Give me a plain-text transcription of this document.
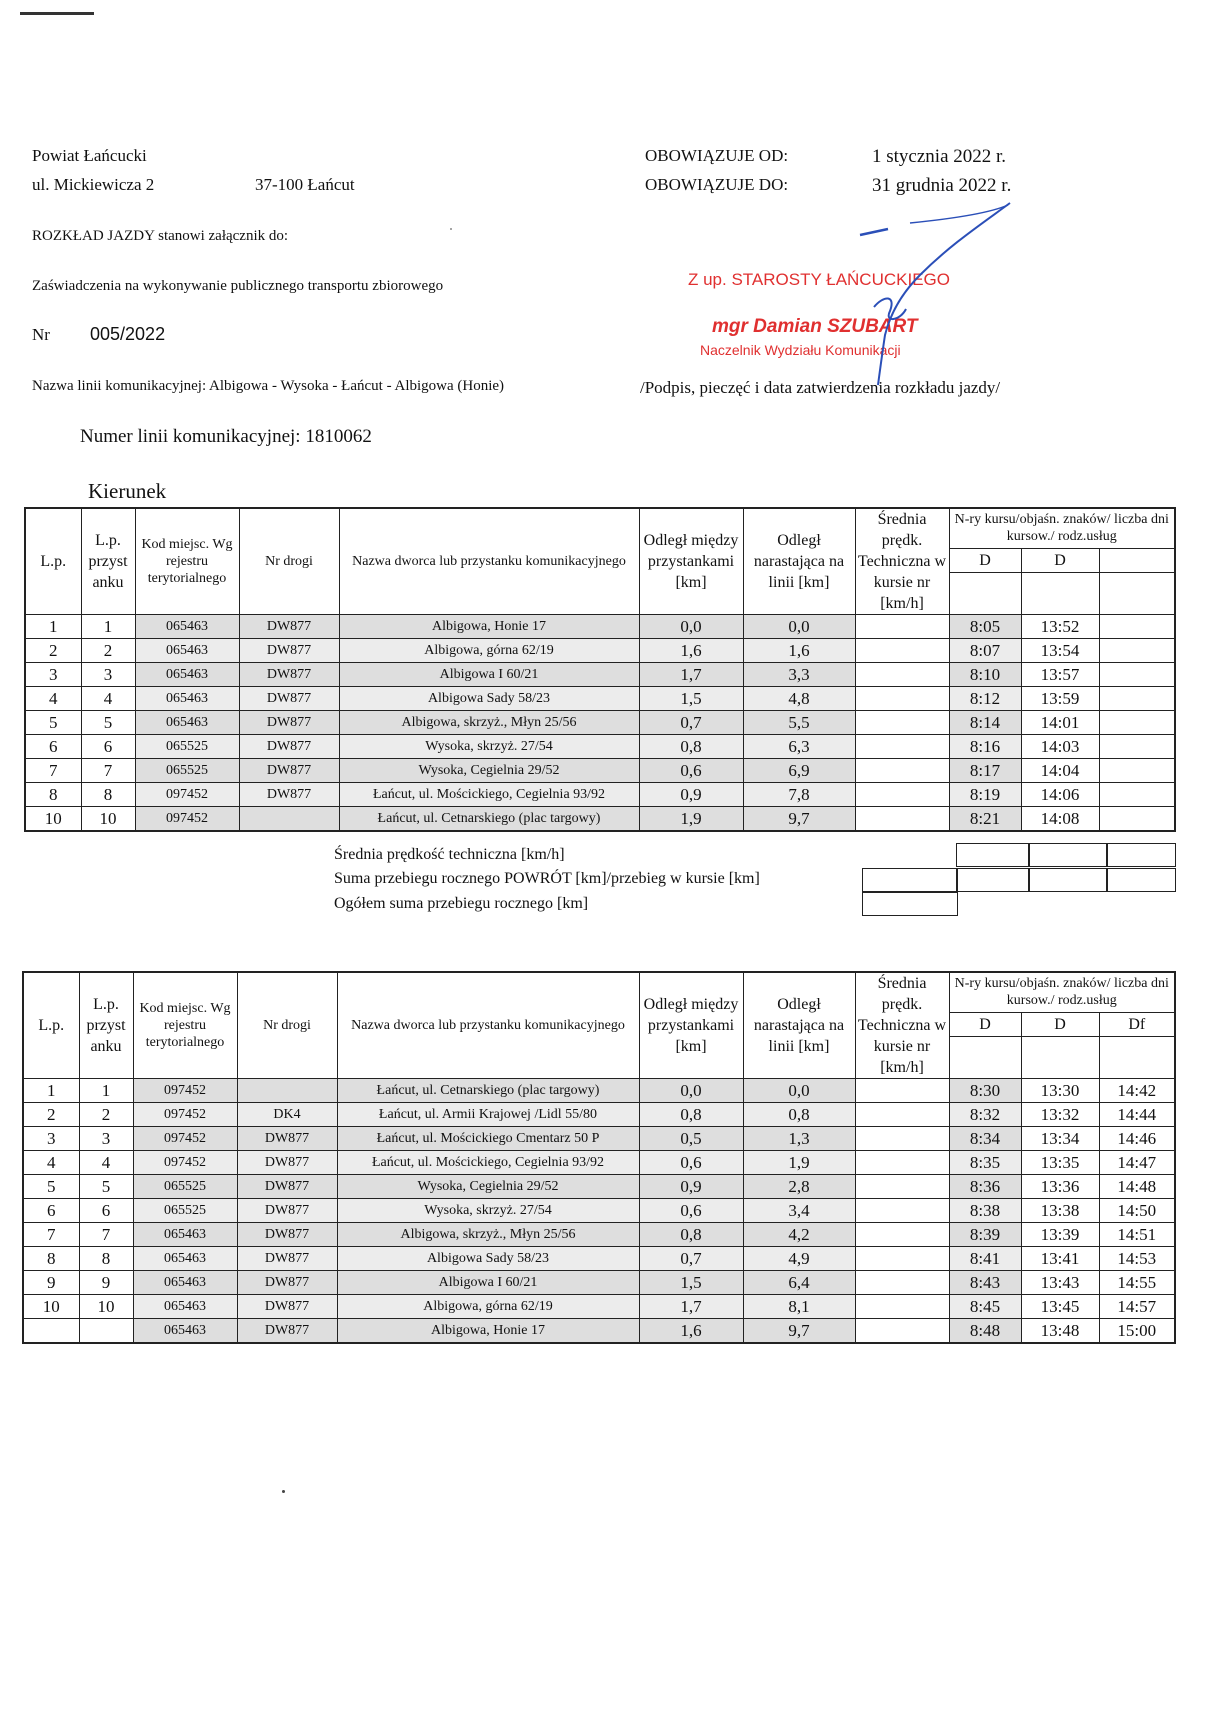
Powiat Łańcucki
ul. Mickiewicza 2	37-100 Łańcut
OBOWIĄZUJE OD:	1 stycznia 2022 r.
OBOWIĄZUJE DO:	31 grudnia 2022 r.
ROZKŁAD JAZDY stanowi załącznik do:
Zaświadczenia na wykonywanie publicznego transportu zbiorowego
Nr 005/2022
Nazwa linii komunikacyjnej: Albigowa - Wysoka - Łańcut - Albigowa (Honie)
Z up. STAROSTY ŁAŃCUCKIEGO
mgr Damian SZUBART
Naczelnik Wydziału Komunikacji
/Podpis, pieczęć i data zatwierdzenia rozkładu jazdy/
Numer linii komunikacyjnej: 1810062
Kierunek
L.p.	L.p. przyst anku	Kod miejsc. Wg rejestru terytorialnego	Nr drogi	Nazwa dworca lub przystanku komunikacyjnego	Odległ między przystankami [km]	Odległ narastająca na linii [km]	Średnia prędk. Techniczna w kursie nr [km/h]	N-ry kursu/objaśn. znaków/ liczba dni kursow./ rodz.usług		
								D	D	

1	1	065463	DW877	Albigowa, Honie 17	0,0	0,0		8:05	13:52	
2	2	065463	DW877	Albigowa, górna 62/19	1,6	1,6		8:07	13:54	
3	3	065463	DW877	Albigowa I 60/21	1,7	3,3		8:10	13:57	
4	4	065463	DW877	Albigowa Sady 58/23	1,5	4,8		8:12	13:59	
5	5	065463	DW877	Albigowa, skrzyż., Młyn 25/56	0,7	5,5		8:14	14:01	
6	6	065525	DW877	Wysoka, skrzyż. 27/54	0,8	6,3		8:16	14:03	
7	7	065525	DW877	Wysoka, Cegielnia 29/52	0,6	6,9		8:17	14:04	
8	8	097452	DW877	Łańcut, ul. Mościckiego, Cegielnia 93/92	0,9	7,8		8:19	14:06	
10	10	097452		Łańcut, ul. Cetnarskiego (plac targowy)	1,9	9,7		8:21	14:08	
Średnia prędkość techniczna [km/h]
Suma przebiegu rocznego POWRÓT [km]/przebieg w kursie [km]
Ogółem suma przebiegu rocznego [km]
L.p.	L.p. przyst anku	Kod miejsc. Wg rejestru terytorialnego	Nr drogi	Nazwa dworca lub przystanku komunikacyjnego	Odległ między przystankami [km]	Odległ narastająca na linii [km]	Średnia prędk. Techniczna w kursie nr [km/h]	N-ry kursu/objaśn. znaków/ liczba dni kursow./ rodz.usług		
								D	D	Df

1	1	097452		Łańcut, ul. Cetnarskiego (plac targowy)	0,0	0,0		8:30	13:30	14:42
2	2	097452	DK4	Łańcut, ul. Armii Krajowej /Lidl 55/80	0,8	0,8		8:32	13:32	14:44
3	3	097452	DW877	Łańcut, ul. Mościckiego Cmentarz 50 P	0,5	1,3		8:34	13:34	14:46
4	4	097452	DW877	Łańcut, ul. Mościckiego, Cegielnia 93/92	0,6	1,9		8:35	13:35	14:47
5	5	065525	DW877	Wysoka, Cegielnia 29/52	0,9	2,8		8:36	13:36	14:48
6	6	065525	DW877	Wysoka, skrzyż. 27/54	0,6	3,4		8:38	13:38	14:50
7	7	065463	DW877	Albigowa, skrzyż., Młyn 25/56	0,8	4,2		8:39	13:39	14:51
8	8	065463	DW877	Albigowa Sady 58/23	0,7	4,9		8:41	13:41	14:53
9	9	065463	DW877	Albigowa I 60/21	1,5	6,4		8:43	13:43	14:55
10	10	065463	DW877	Albigowa, górna 62/19	1,7	8,1		8:45	13:45	14:57
		065463	DW877	Albigowa, Honie 17	1,6	9,7		8:48	13:48	15:00
